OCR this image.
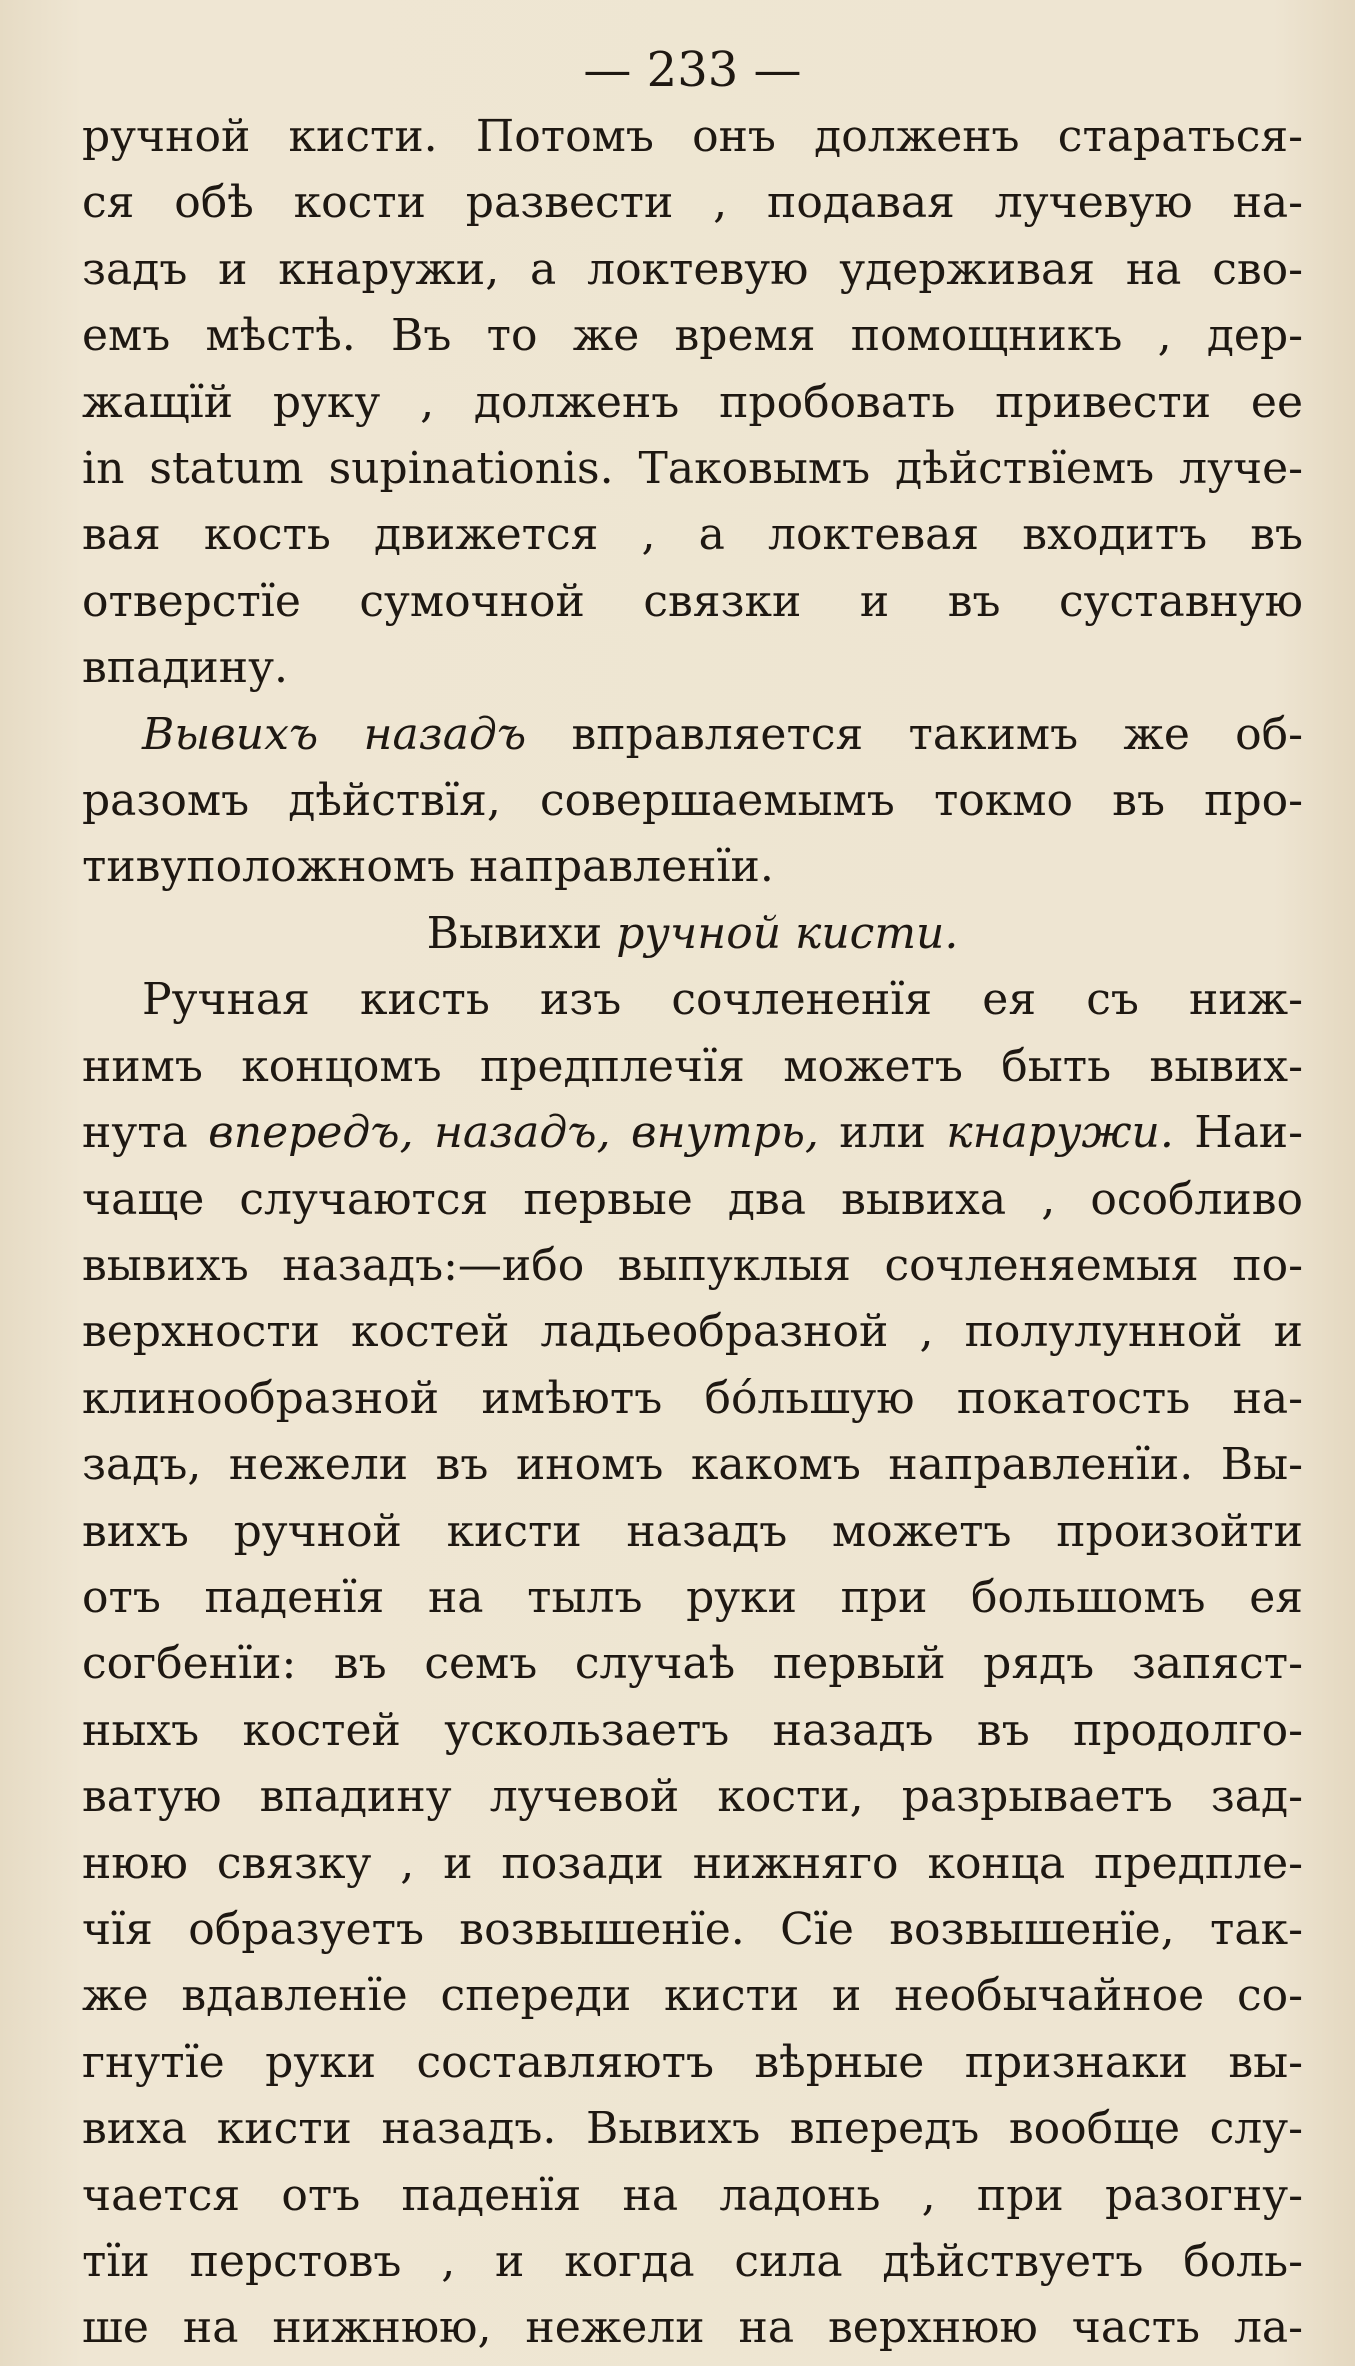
— 233 —
ручной кисти. Потомъ онъ долженъ стараться-
ся обѣ кости развести , подавая лучевую на-
задъ и кнаружи, а локтевую удерживая на сво-
емъ мѣстѣ. Въ то же время помощникъ , дер-
жащїй руку , долженъ пробовать привести ее
in statum supinationis. Таковымъ дѣйствїемъ луче-
вая кость движется , а локтевая входитъ въ
отверстїе сумочной связки и въ суставную
впадину.
Вывихъ назадъ вправляется такимъ же об-
разомъ дѣйствїя, совершаемымъ токмо въ про-
тивуположномъ направленїи.
Вывихи ручной кисти.
Ручная кисть изъ сочлененїя ея съ ниж-
нимъ концомъ предплечїя можетъ быть вывих-
нута впередъ, назадъ, внутрь, или кнаружи. Наи-
чаще случаются первые два вывиха , особливо
вывихъ назадъ:—ибо выпуклыя сочленяемыя по-
верхности костей ладьеобразной , полулунной и
клинообразной имѣютъ бо́льшую покатость на-
задъ, нежели въ иномъ какомъ направленїи. Вы-
вихъ ручной кисти назадъ можетъ произойти
отъ паденїя на тылъ руки при большомъ ея
согбенїи: въ семъ случаѣ первый рядъ запяст-
ныхъ костей ускользаетъ назадъ въ продолго-
ватую впадину лучевой кости, разрываетъ зад-
нюю связку , и позади нижняго конца предпле-
чїя образуетъ возвышенїе. Сїе возвышенїе, так-
же вдавленїе спереди кисти и необычайное со-
гнутїе руки составляютъ вѣрные признаки вы-
виха кисти назадъ. Вывихъ впередъ вообще слу-
чается отъ паденїя на ладонь , при разогну-
тїи перстовъ , и когда сила дѣйствуетъ боль-
ше на нижнюю, нежели на верхнюю часть ла-
